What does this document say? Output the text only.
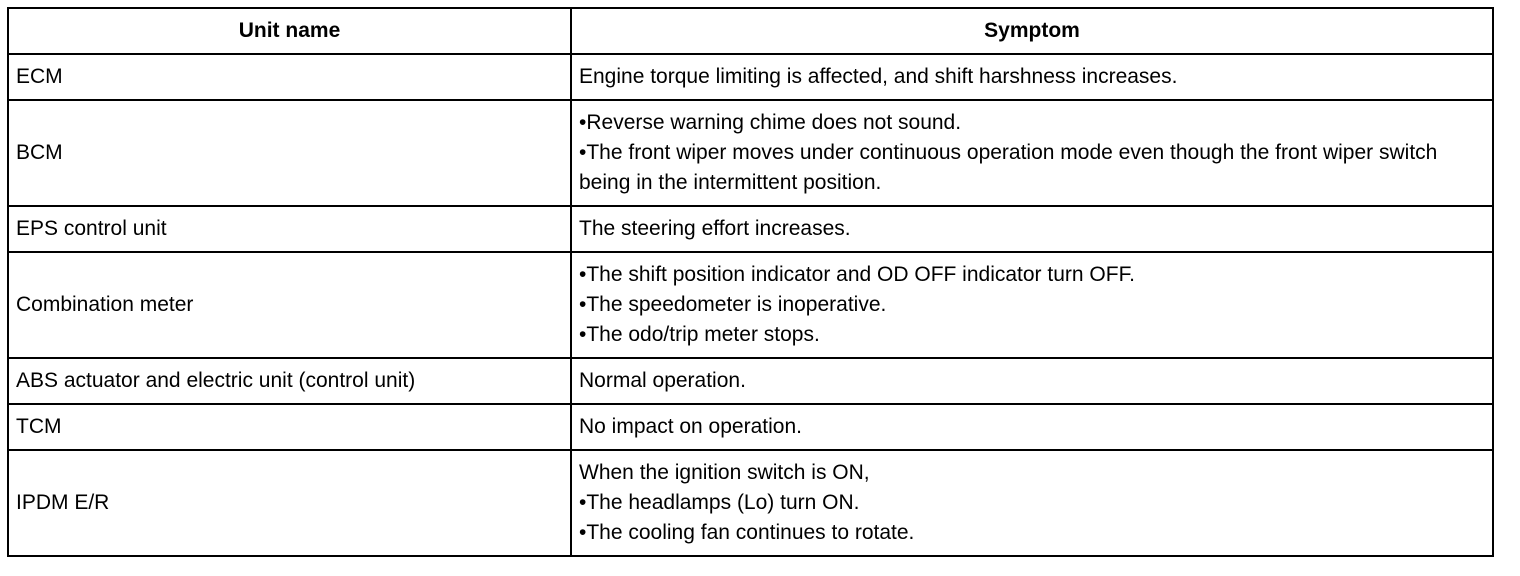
Unit name	Symptom
ECM	Engine torque limiting is affected, and shift harshness increases.

BCM	•Reverse warning chime does not sound.
•The front wiper moves under continuous operation mode even though the front wiper switch being in the intermittent position.

EPS control unit	The steering effort increases.

Combination meter	•The shift position indicator and OD OFF indicator turn OFF.
•The speedometer is inoperative.
•The odo/trip meter stops.

ABS actuator and electric unit (control unit)	Normal operation.

TCM	No impact on operation.

IPDM E/R	When the ignition switch is ON,
•The headlamps (Lo) turn ON.
•The cooling fan continues to rotate.
